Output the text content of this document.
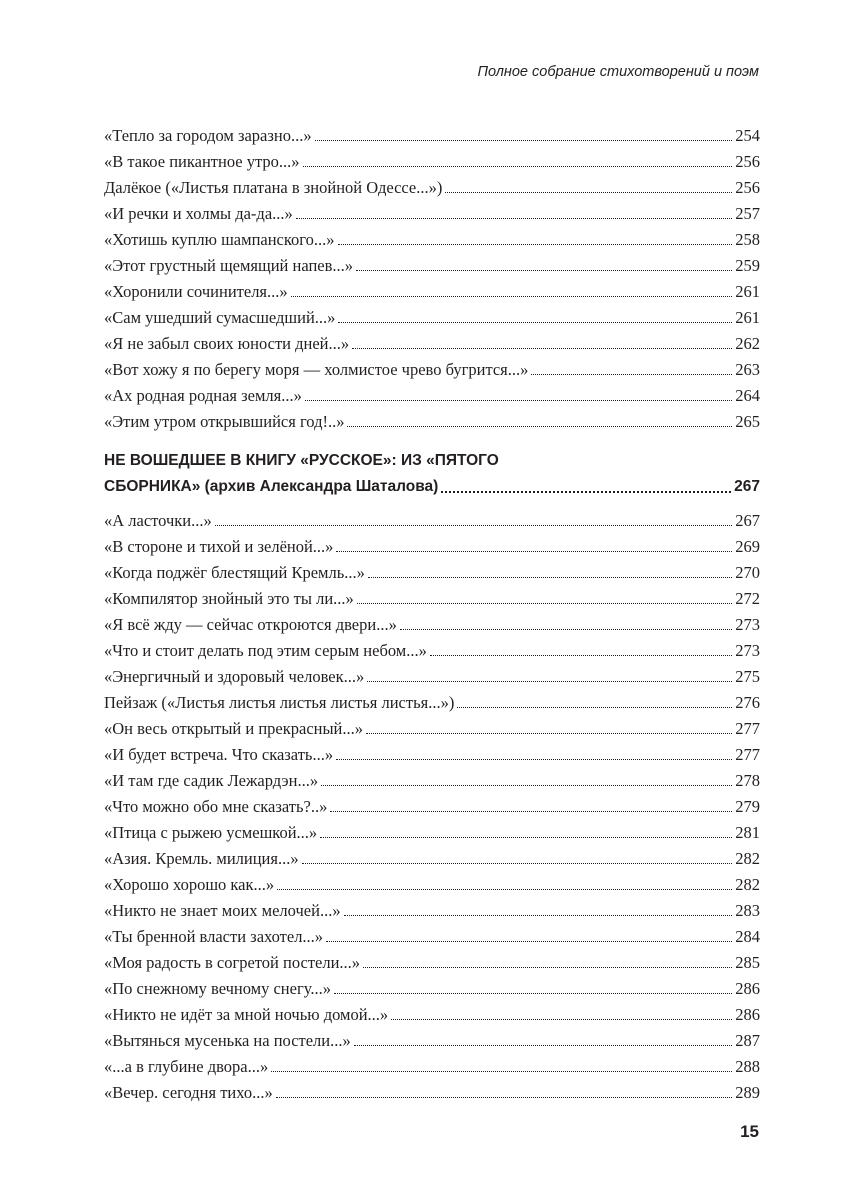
Полное собрание стихотворений и поэм
«Тепло за городом заразно...»	254
«В такое пикантное утро...»	256
Далёкое («Листья платана в знойной Одессе...»)	256
«И речки и холмы да-да...»	257
«Хотишь куплю шампанского...»	258
«Этот грустный щемящий напев...»	259
«Хоронили сочинителя...»	261
«Сам ушедший сумасшедший...»	261
«Я не забыл своих юности дней...»	262
«Вот хожу я по берегу моря — холмистое чрево бугрится...»	263
«Ах родная родная земля...»	264
«Этим утром открывшийся год!..»	265
НЕ ВОШЕДШЕЕ В КНИГУ «РУССКОЕ»: ИЗ «ПЯТОГО
СБОРНИКА» (архив Александра Шаталова)	267
«А ласточки...»	267
«В стороне и тихой и зелёной...»	269
«Когда поджёг блестящий Кремль...»	270
«Компилятор знойный это ты ли...»	272
«Я всё жду — сейчас откроются двери...»	273
«Что и стоит делать под этим серым небом...»	273
«Энергичный и здоровый человек...»	275
Пейзаж («Листья листья листья листья листья...»)	276
«Он весь открытый и прекрасный...»	277
«И будет встреча. Что сказать...»	277
«И там где садик Лежардэн...»	278
«Что можно обо мне сказать?..»	279
«Птица с рыжею усмешкой...»	281
«Азия. Кремль. милиция...»	282
«Хорошо хорошо как...»	282
«Никто не знает моих мелочей...»	283
«Ты бренной власти захотел...»	284
«Моя радость в согретой постели...»	285
«По снежному вечному снегу...»	286
«Никто не идёт за мной ночью домой...»	286
«Вытянься мусенька на постели...»	287
«...а в глубине двора...»	288
«Вечер. сегодня тихо...»	289
15
